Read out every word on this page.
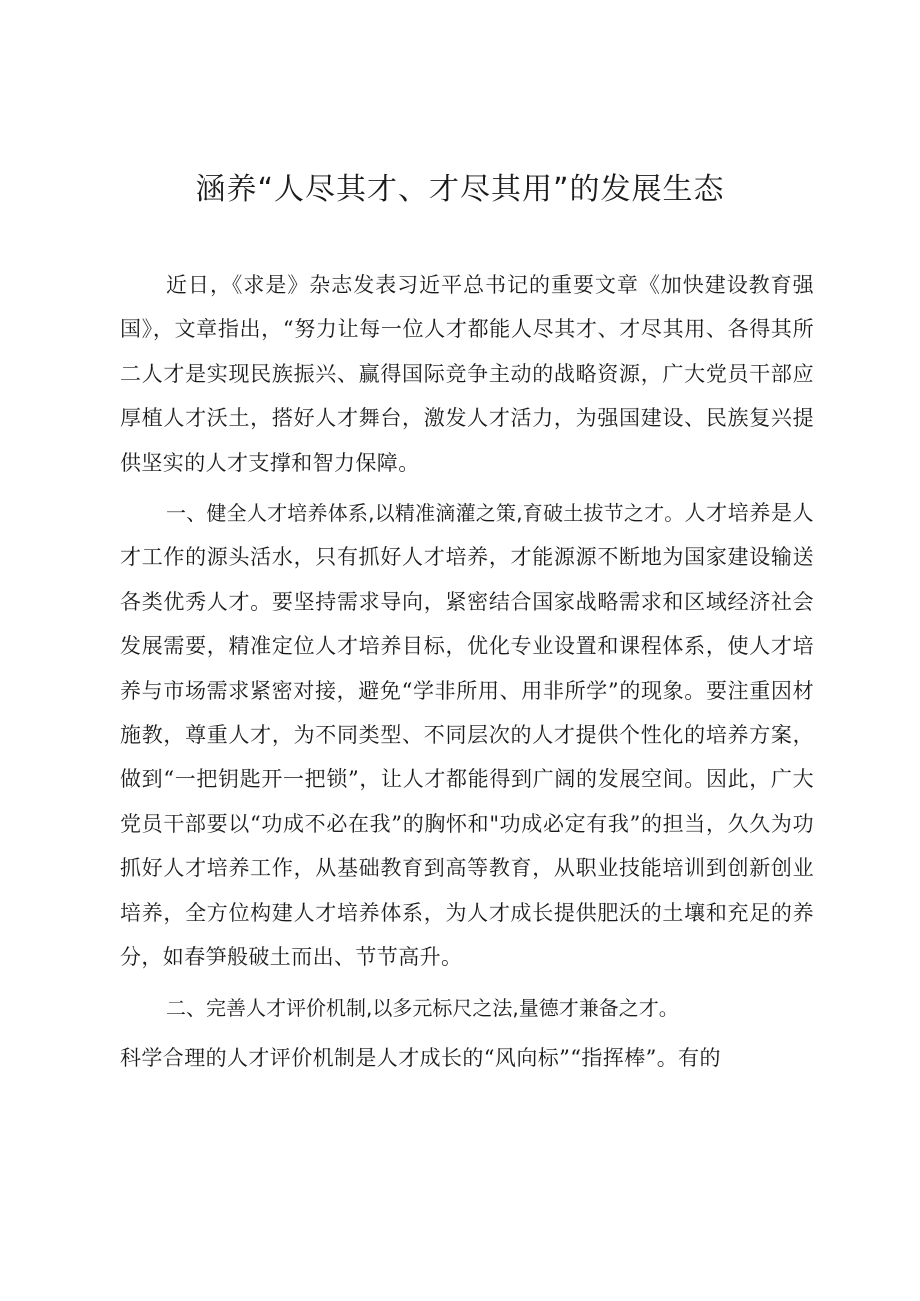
涵养“人尽其才、才尽其用”的发展生态

近日，《求是》杂志发表习近平总书记的重要文章《加快建设教育强国》，文章指出，“努力让每一位人才都能人尽其才、才尽其用、各得其所二人才是实现民族振兴、赢得国际竞争主动的战略资源，广大党员干部应厚植人才沃土，搭好人才舞台，激发人才活力，为强国建设、民族复兴提供坚实的人才支撑和智力保障。

一、健全人才培养体系,以精准滴灌之策,育破土拔节之才。人才培养是人才工作的源头活水，只有抓好人才培养，才能源源不断地为国家建设输送各类优秀人才。要坚持需求导向，紧密结合国家战略需求和区域经济社会发展需要，精准定位人才培养目标，优化专业设置和课程体系，使人才培养与市场需求紧密对接，避免“学非所用、用非所学”的现象。要注重因材施教，尊重人才，为不同类型、不同层次的人才提供个性化的培养方案，做到“一把钥匙开一把锁”，让人才都能得到广阔的发展空间。因此，广大党员干部要以“功成不必在我”的胸怀和"功成必定有我”的担当，久久为功抓好人才培养工作，从基础教育到高等教育，从职业技能培训到创新创业培养，全方位构建人才培养体系，为人才成长提供肥沃的土壤和充足的养分，如春笋般破土而出、节节高升。

二、完善人才评价机制,以多元标尺之法,量德才兼备之才。

科学合理的人才评价机制是人才成长的“风向标”“指挥棒”。有的
